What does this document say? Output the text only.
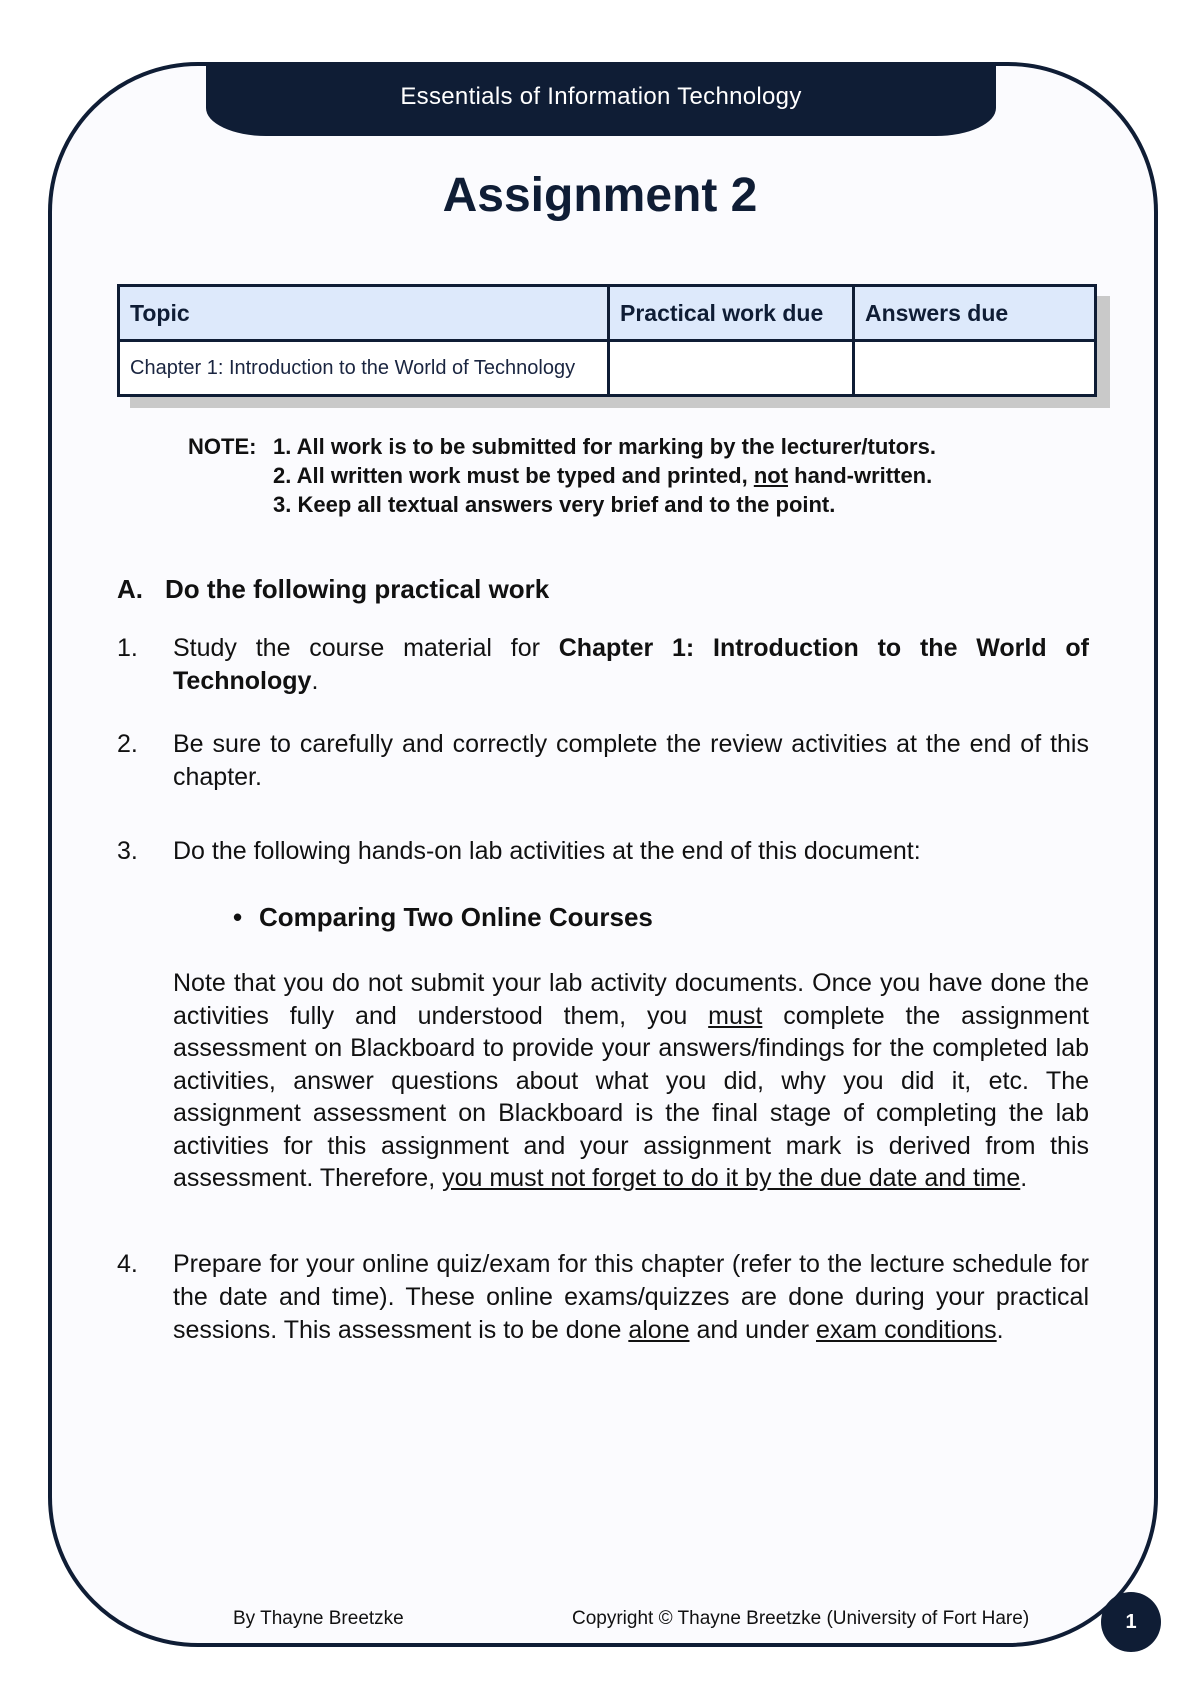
Essentials of Information Technology
Assignment 2
Topic	Practical work due	Answers due
Chapter 1: Introduction to the World of Technology		
NOTE: 1. All work is to be submitted for marking by the lecturer/tutors.
2. All written work must be typed and printed, not hand-written.
3. Keep all textual answers very brief and to the point.
A. Do the following practical work
1.	Study the course material for Chapter 1: Introduction to the World of Technology.
2.	Be sure to carefully and correctly complete the review activities at the end of this chapter.
3.	Do the following hands-on lab activities at the end of this document:
• Comparing Two Online Courses
Note that you do not submit your lab activity documents. Once you have done the activities fully and understood them, you must complete the assignment assessment on Blackboard to provide your answers/findings for the completed lab activities, answer questions about what you did, why you did it, etc. The assignment assessment on Blackboard is the final stage of completing the lab activities for this assignment and your assignment mark is derived from this assessment. Therefore, you must not forget to do it by the due date and time.
4.	Prepare for your online quiz/exam for this chapter (refer to the lecture schedule for the date and time). These online exams/quizzes are done during your practical sessions. This assessment is to be done alone and under exam conditions.
By Thayne Breetzke	Copyright © Thayne Breetzke (University of Fort Hare)	1
